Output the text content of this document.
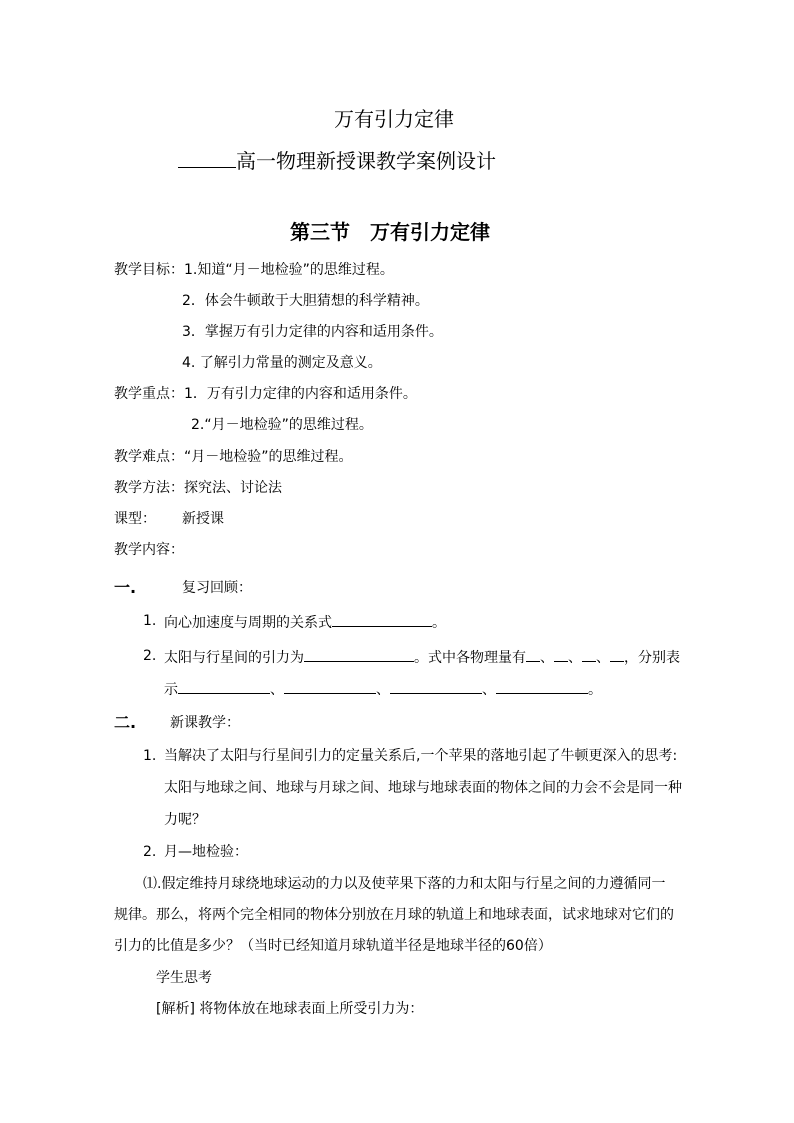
万有引力定律
高一物理新授课教学案例设计
第三节　万有引力定律
教学目标：1.知道“月－地检验”的思维过程。
2．体会牛顿敢于大胆猜想的科学精神。
3．掌握万有引力定律的内容和适用条件。
4. 了解引力常量的测定及意义。
教学重点：1．万有引力定律的内容和适用条件。
2.“月－地检验”的思维过程。
教学难点：“月－地检验”的思维过程。
教学方法：探究法、讨论法
课型： 新授课
教学内容：
一.	复习回顾：
1. 向心加速度与周期的关系式	。
2. 太阳与行星间的引力为	。式中各物理量有 、 、 、 ，分别表
示	、	、	、	。
二. 新课教学：
1. 当解决了太阳与行星间引力的定量关系后,一个苹果的落地引起了牛顿更深入的思考:
太阳与地球之间、地球与月球之间、地球与地球表面的物体之间的力会不会是同一种
力呢？
2. 月—地检验：
⑴.假定维持月球绕地球运动的力以及使苹果下落的力和太阳与行星之间的力遵循同一
规律。那么，将两个完全相同的物体分别放在月球的轨道上和地球表面，试求地球对它们的
引力的比值是多少？（当时已经知道月球轨道半径是地球半径的60倍）
学生思考
[解析] 将物体放在地球表面上所受引力为：
